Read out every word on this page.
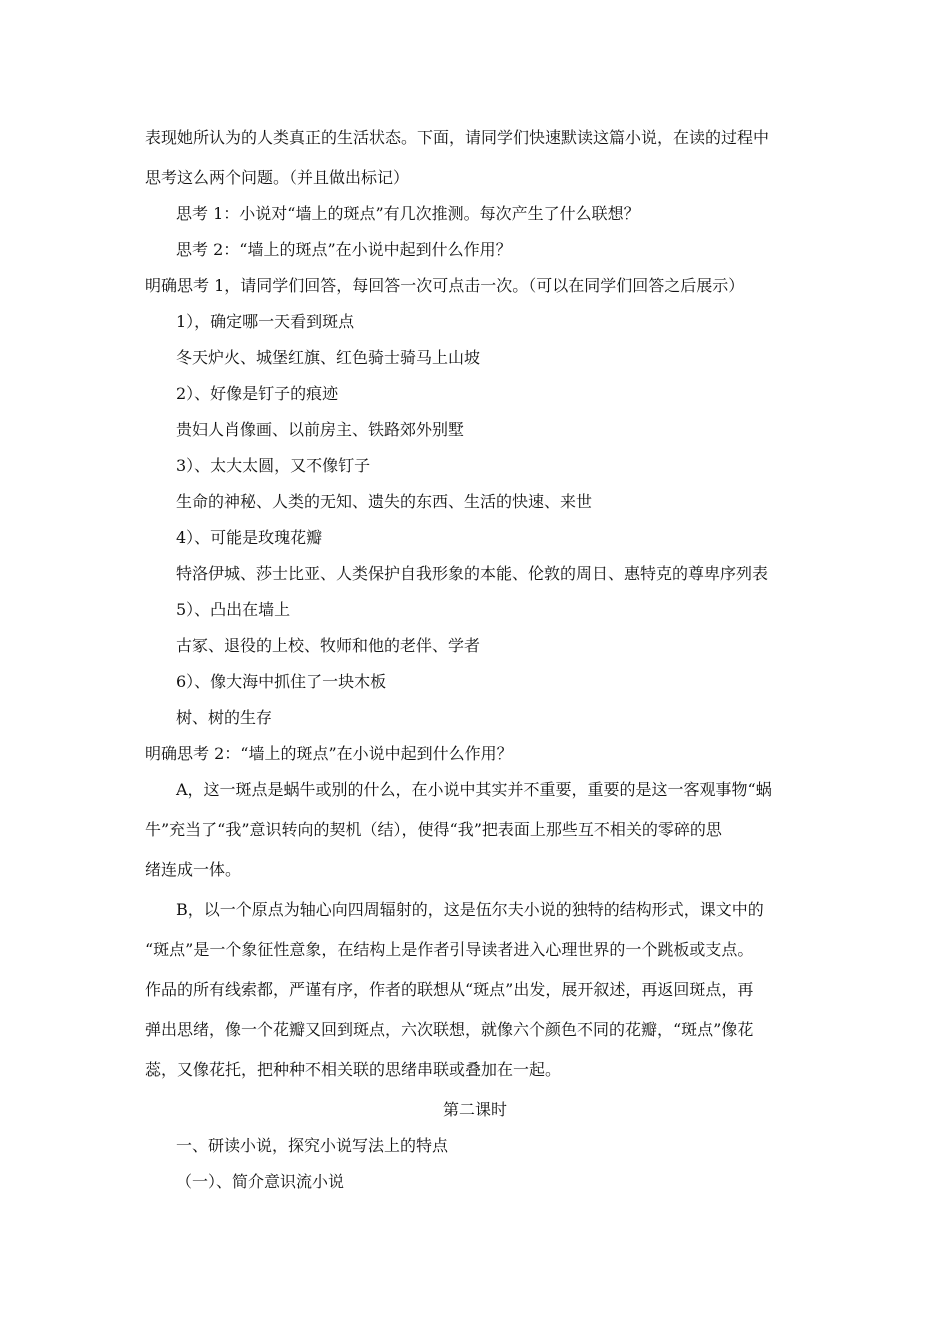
表现她所认为的人类真正的生活状态。下面，请同学们快速默读这篇小说，在读的过程中
思考这么两个问题。（并且做出标记）
思考 1：小说对“墙上的斑点”有几次推测。每次产生了什么联想？
思考 2：“墙上的斑点”在小说中起到什么作用？
明确思考 1，请同学们回答，每回答一次可点击一次。（可以在同学们回答之后展示）
1），确定哪一天看到斑点
冬天炉火、城堡红旗、红色骑士骑马上山坡
2）、好像是钉子的痕迹
贵妇人肖像画、以前房主、铁路郊外别墅
3）、太大太圆，又不像钉子
生命的神秘、人类的无知、遗失的东西、生活的快速、来世
4）、可能是玫瑰花瓣
特洛伊城、莎士比亚、人类保护自我形象的本能、伦敦的周日、惠特克的尊卑序列表
5）、凸出在墙上
古冢、退役的上校、牧师和他的老伴、学者
6）、像大海中抓住了一块木板
树、树的生存
明确思考 2：“墙上的斑点”在小说中起到什么作用？
A，这一斑点是蜗牛或别的什么，在小说中其实并不重要，重要的是这一客观事物“蜗
牛”充当了“我”意识转向的契机（结），使得“我”把表面上那些互不相关的零碎的思
绪连成一体。
B，以一个原点为轴心向四周辐射的，这是伍尔夫小说的独特的结构形式，课文中的
“斑点”是一个象征性意象，在结构上是作者引导读者进入心理世界的一个跳板或支点。
作品的所有线索都，严谨有序，作者的联想从“斑点”出发，展开叙述，再返回斑点，再
弹出思绪，像一个花瓣又回到斑点，六次联想，就像六个颜色不同的花瓣，“斑点”像花
蕊，又像花托，把种种不相关联的思绪串联或叠加在一起。
第二课时
一、研读小说，探究小说写法上的特点
（一）、简介意识流小说
